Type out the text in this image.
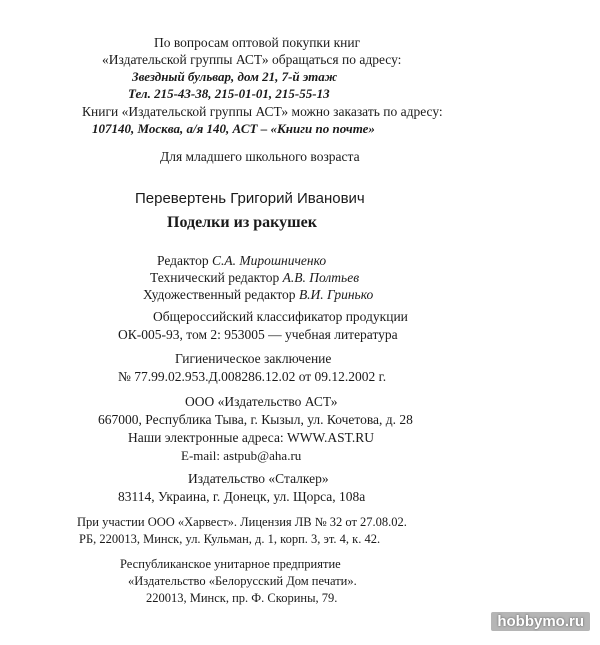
По вопросам оптовой покупки книг
«Издательской группы АСТ» обращаться по адресу:
Звездный бульвар, дом 21, 7-й этаж
Тел. 215-43-38, 215-01-01, 215-55-13
Книги «Издательской группы АСТ» можно заказать по адресу:
107140, Москва, а/я 140, АСТ – «Книги по почте»
Для младшего школьного возраста
Перевертень Григорий Иванович
Поделки из ракушек
Редактор С.А. Мирошниченко
Технический редактор А.В. Полтьев
Художественный редактор В.И. Гринько
Общероссийский классификатор продукции
ОК-005-93, том 2: 953005 — учебная литература
Гигиеническое заключение
№ 77.99.02.953.Д.008286.12.02 от 09.12.2002 г.
ООО «Издательство АСТ»
667000, Республика Тыва, г. Кызыл, ул. Кочетова, д. 28
Наши электронные адреса: WWW.AST.RU
E-mail: astpub@aha.ru
Издательство «Сталкер»
83114, Украина, г. Донецк, ул. Щорса, 108а
При участии ООО «Харвест». Лицензия ЛВ № 32 от 27.08.02.
РБ, 220013, Минск, ул. Кульман, д. 1, корп. 3, эт. 4, к. 42.
Республиканское унитарное предприятие
«Издательство «Белорусский Дом печати».
220013, Минск, пр. Ф. Скорины, 79.
hobbymo.ru
